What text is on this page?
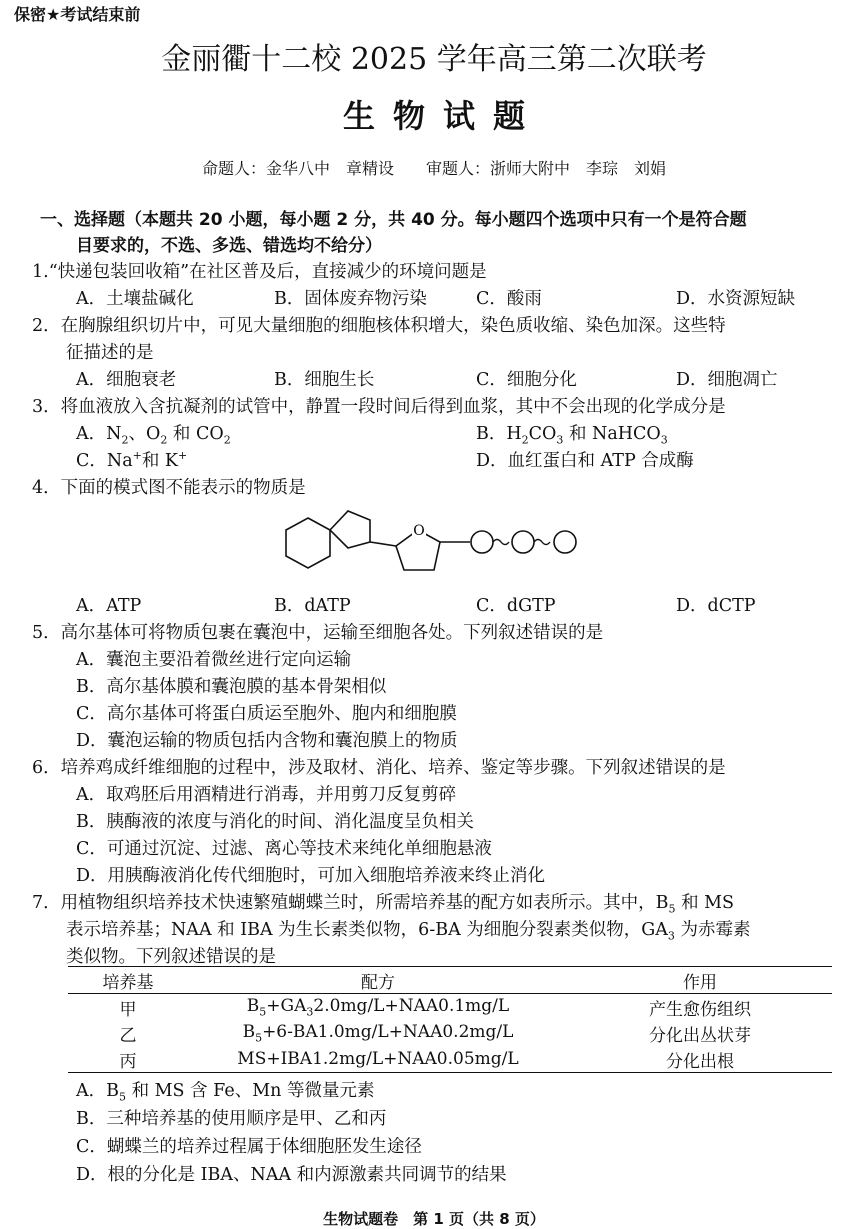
保密★考试结束前
金丽衢十二校 2025 学年高三第二次联考
生物试题
命题人：金华八中　章精设　　审题人：浙师大附中　李琮　刘娟
一、选择题（本题共 20 小题，每小题 2 分，共 40 分。每小题四个选项中只有一个是符合题
目要求的，不选、多选、错选均不给分）
1.“快递包装回收箱”在社区普及后，直接减少的环境问题是
A．土壤盐碱化	B．固体废弃物污染	C．酸雨	D．水资源短缺
2．在胸腺组织切片中，可见大量细胞的细胞核体积增大，染色质收缩、染色加深。这些特
征描述的是
A．细胞衰老	B．细胞生长	C．细胞分化	D．细胞凋亡
3．将血液放入含抗凝剂的试管中，静置一段时间后得到血浆，其中不会出现的化学成分是
A．$N_2$、$O_2$ 和 $CO_2$	B．$H_2CO_3$ 和 NaHCO$_3$
C．Na+和 K+	D．血红蛋白和 ATP 合成酶
4．下面的模式图不能表示的物质是
O
A．ATP	B．dATP	C．dGTP	D．dCTP
5．高尔基体可将物质包裹在囊泡中，运输至细胞各处。下列叙述错误的是
A．囊泡主要沿着微丝进行定向运输
B．高尔基体膜和囊泡膜的基本骨架相似
C．高尔基体可将蛋白质运至胞外、胞内和细胞膜
D．囊泡运输的物质包括内含物和囊泡膜上的物质
6．培养鸡成纤维细胞的过程中，涉及取材、消化、培养、鉴定等步骤。下列叙述错误的是
A．取鸡胚后用酒精进行消毒，并用剪刀反复剪碎
B．胰酶液的浓度与消化的时间、消化温度呈负相关
C．可通过沉淀、过滤、离心等技术来纯化单细胞悬液
D．用胰酶液消化传代细胞时，可加入细胞培养液来终止消化
7．用植物组织培养技术快速繁殖蝴蝶兰时，所需培养基的配方如表所示。其中，$B_5$ 和 MS
表示培养基；NAA 和 IBA 为生长素类似物，6-BA 为细胞分裂素类似物，$GA_3$ 为赤霉素
类似物。下列叙述错误的是
培养基	配方	作用
甲	$B_5+GA_32.0mg/L+NAA0.1mg/L$	产生愈伤组织
乙	$B_5+6-BA1.0mg/L+NAA0.2mg/L$	分化出丛状芽
丙	MS+IBA1.2mg/L+NAA0.05mg/L	分化出根
A．$B_5$ 和 MS 含 Fe、Mn 等微量元素
B．三种培养基的使用顺序是甲、乙和丙
C．蝴蝶兰的培养过程属于体细胞胚发生途径
D．根的分化是 IBA、NAA 和内源激素共同调节的结果
生物试题卷　第 1 页（共 8 页）
